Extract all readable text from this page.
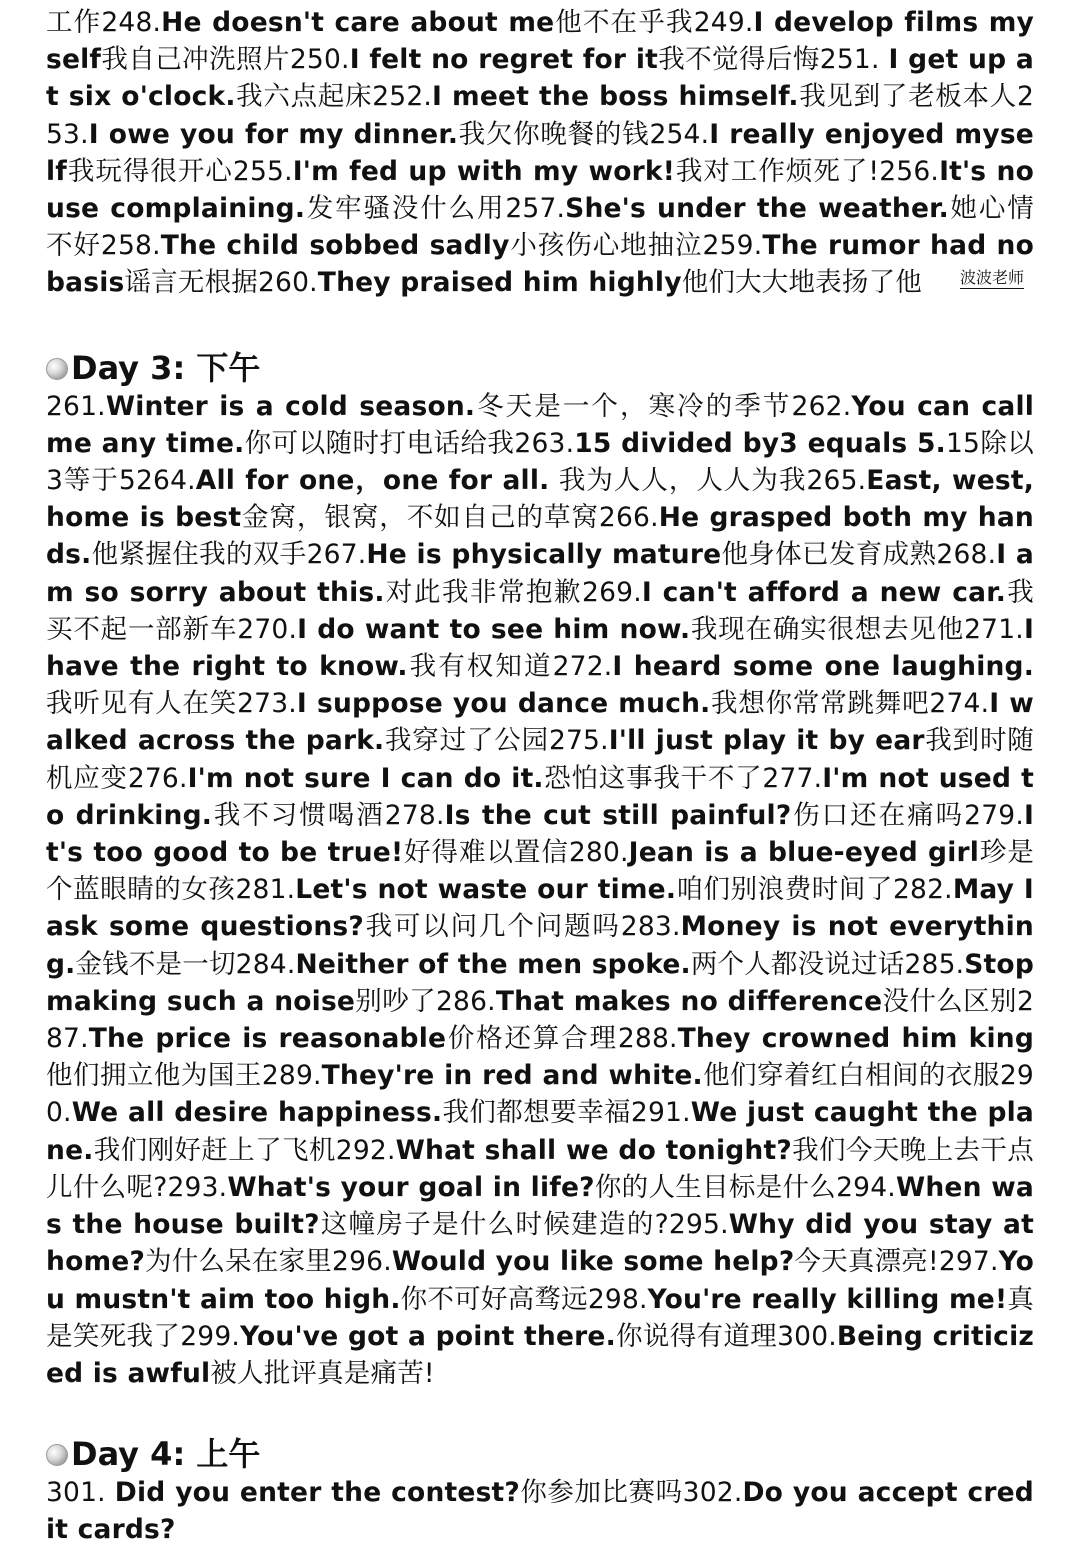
工作248.He doesn't care about me他不在乎我249.I develop films myself我自己冲洗照片250.I felt no regret for it我不觉得后悔251. I get up at six o'clock.我六点起床252.I meet the boss himself.我见到了老板本人253.I owe you for my dinner.我欠你晚餐的钱254.I really enjoyed myself我玩得很开心255.I'm fed up with my work!我对工作烦死了!256.It's no use complaining.发牢骚没什么用257.She's under the weather.她心情不好258.The child sobbed sadly小孩伤心地抽泣259.The rumor had no basis谣言无根据260.They praised him highly他们大大地表扬了他	波波老师
Day 3: 下午

261.Winter is a cold season.冬天是一个，寒冷的季节262.You can call me any time.你可以随时打电话给我263.15 divided by3 equals 5.15除以3等于5264.All for one，one for all. 我为人人，人人为我265.East, west, home is best金窝，银窝，不如自己的草窝266.He grasped both my hands.他紧握住我的双手267.He is physically mature他身体已发育成熟268.I am so sorry about this.对此我非常抱歉269.I can't afford a new car.我买不起一部新车270.I do want to see him now.我现在确实很想去见他271.I have the right to know.我有权知道272.I heard some one laughing.我听见有人在笑273.I suppose you dance much.我想你常常跳舞吧274.I walked across the park.我穿过了公园275.I'll just play it by ear我到时随机应变276.I'm not sure I can do it.恐怕这事我干不了277.I'm not used to drinking.我不习惯喝酒278.Is the cut still painful?伤口还在痛吗279.It's too good to be true!好得难以置信280.Jean is a blue-eyed girl珍是个蓝眼睛的女孩281.Let's not waste our time.咱们别浪费时间了282.May I ask some questions?我可以问几个问题吗283.Money is not everything.金钱不是一切284.Neither of the men spoke.两个人都没说过话285.Stop making such a noise别吵了286.That makes no difference没什么区别287.The price is reasonable价格还算合理288.They crowned him king他们拥立他为国王289.They're in red and white.他们穿着红白相间的衣服290.We all desire happiness.我们都想要幸福291.We just caught the plane.我们刚好赶上了飞机292.What shall we do tonight?我们今天晚上去干点儿什么呢?293.What's your goal in life?你的人生目标是什么294.When was the house built?这幢房子是什么时候建造的?295.Why did you stay at home?为什么呆在家里296.Would you like some help?今天真漂亮!297.You mustn't aim too high.你不可好高骛远298.You're really killing me!真是笑死我了299.You've got a point there.你说得有道理300.Being criticized is awful被人批评真是痛苦!

Day 4: 上午

301. Did you enter the contest?你参加比赛吗302.Do you accept credit cards?
